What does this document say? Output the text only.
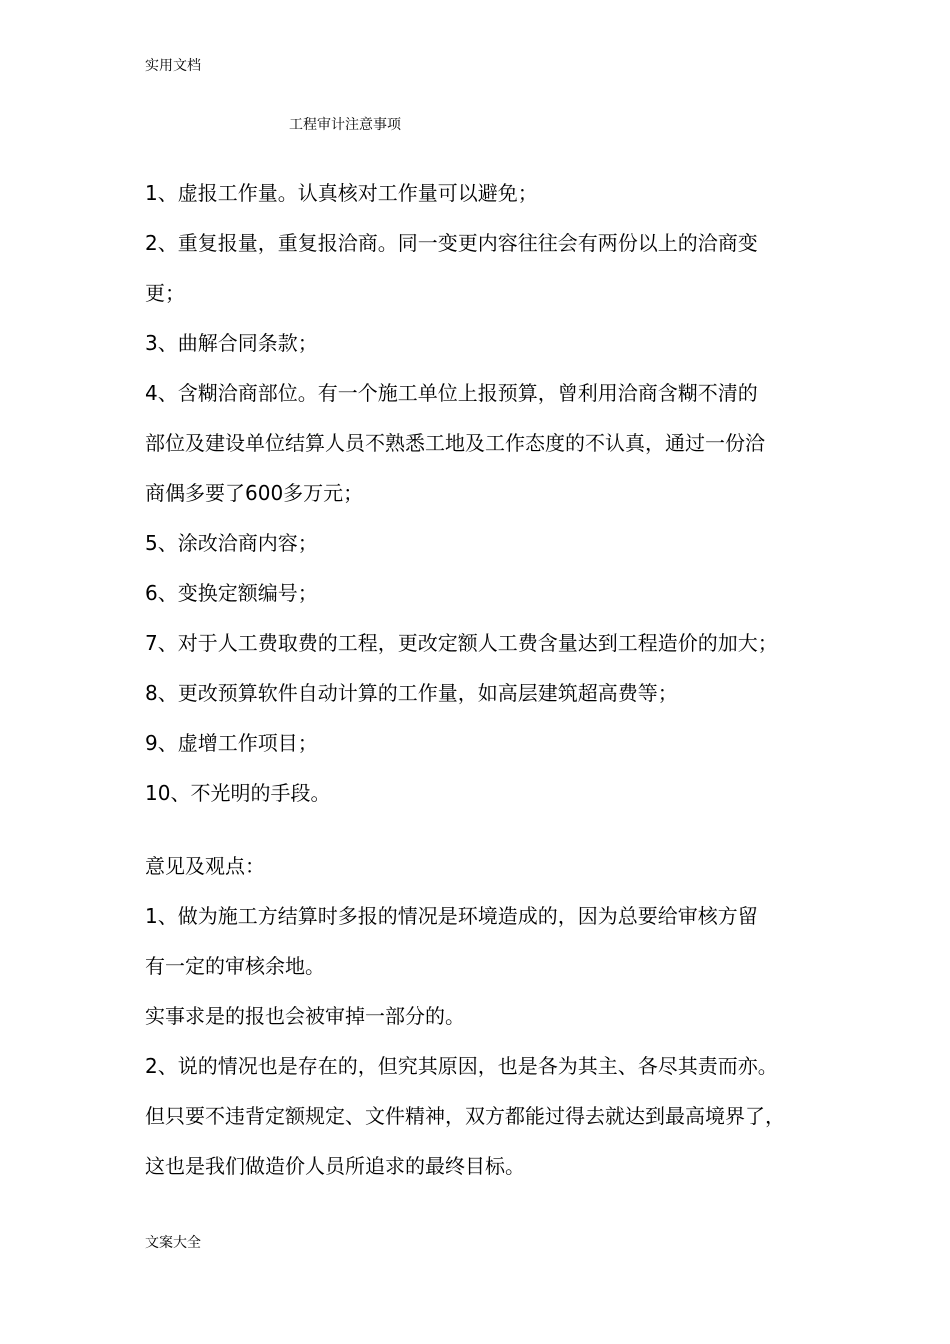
实用文档
工程审计注意事项
1、虚报工作量。认真核对工作量可以避免；
2、重复报量，重复报洽商。同一变更内容往往会有两份以上的洽商变
更；
3、曲解合同条款；
4、含糊洽商部位。有一个施工单位上报预算，曾利用洽商含糊不清的
部位及建设单位结算人员不熟悉工地及工作态度的不认真，通过一份洽
商偶多要了600多万元；
5、涂改洽商内容；
6、变换定额编号；
7、对于人工费取费的工程，更改定额人工费含量达到工程造价的加大；
8、更改预算软件自动计算的工作量，如高层建筑超高费等；
9、虚增工作项目；
10、不光明的手段。
意见及观点：
1、做为施工方结算时多报的情况是环境造成的，因为总要给审核方留
有一定的审核余地。
实事求是的报也会被审掉一部分的。
2、说的情况也是存在的，但究其原因，也是各为其主、各尽其责而亦。
但只要不违背定额规定、文件精神，双方都能过得去就达到最高境界了，
这也是我们做造价人员所追求的最终目标。
文案大全
